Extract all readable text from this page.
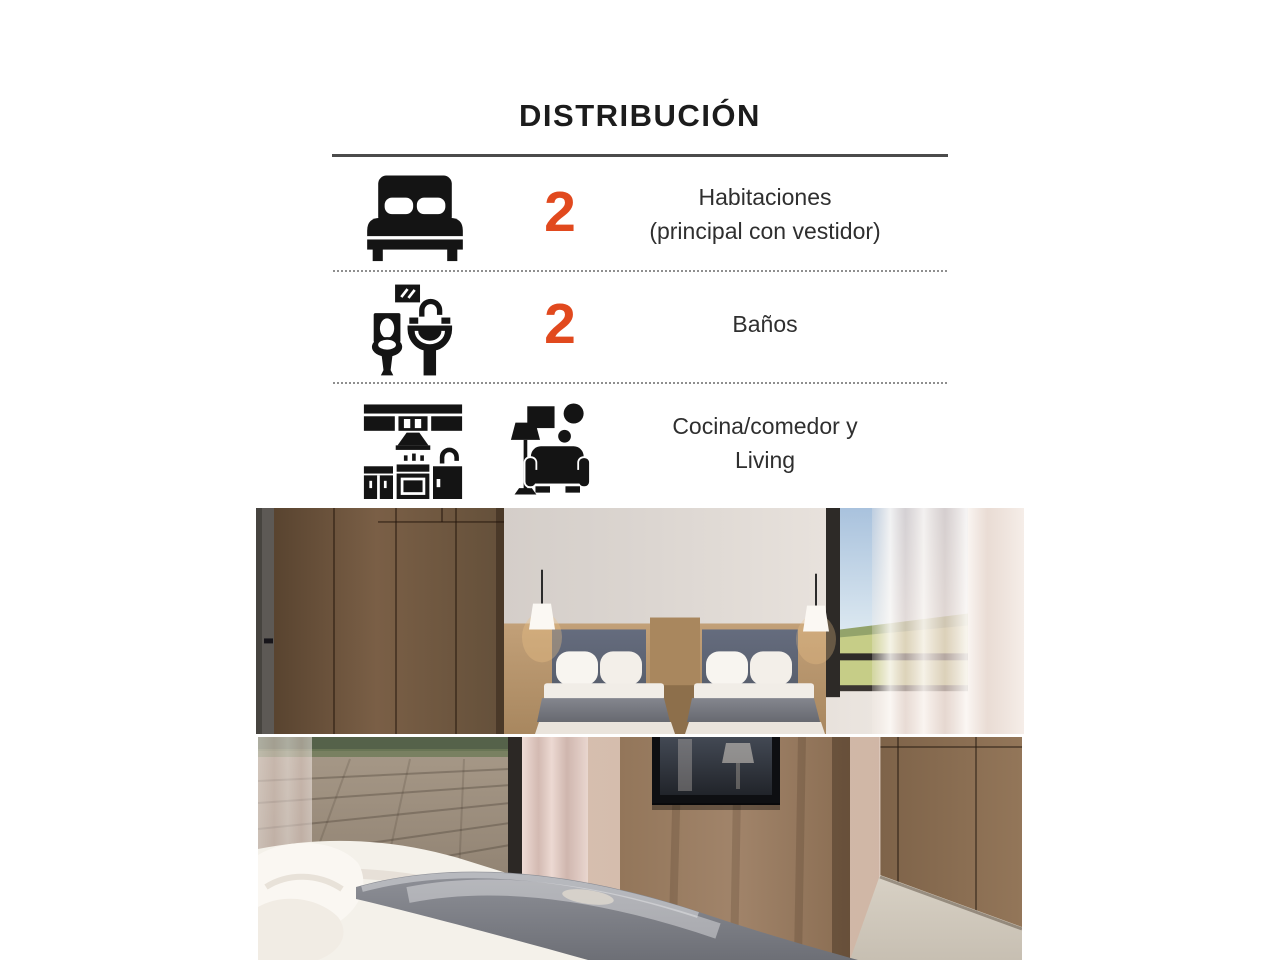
DISTRIBUCIÓN
2	Habitaciones
(principal con vestidor)
2	Baños
Cocina/comedor y
Living
